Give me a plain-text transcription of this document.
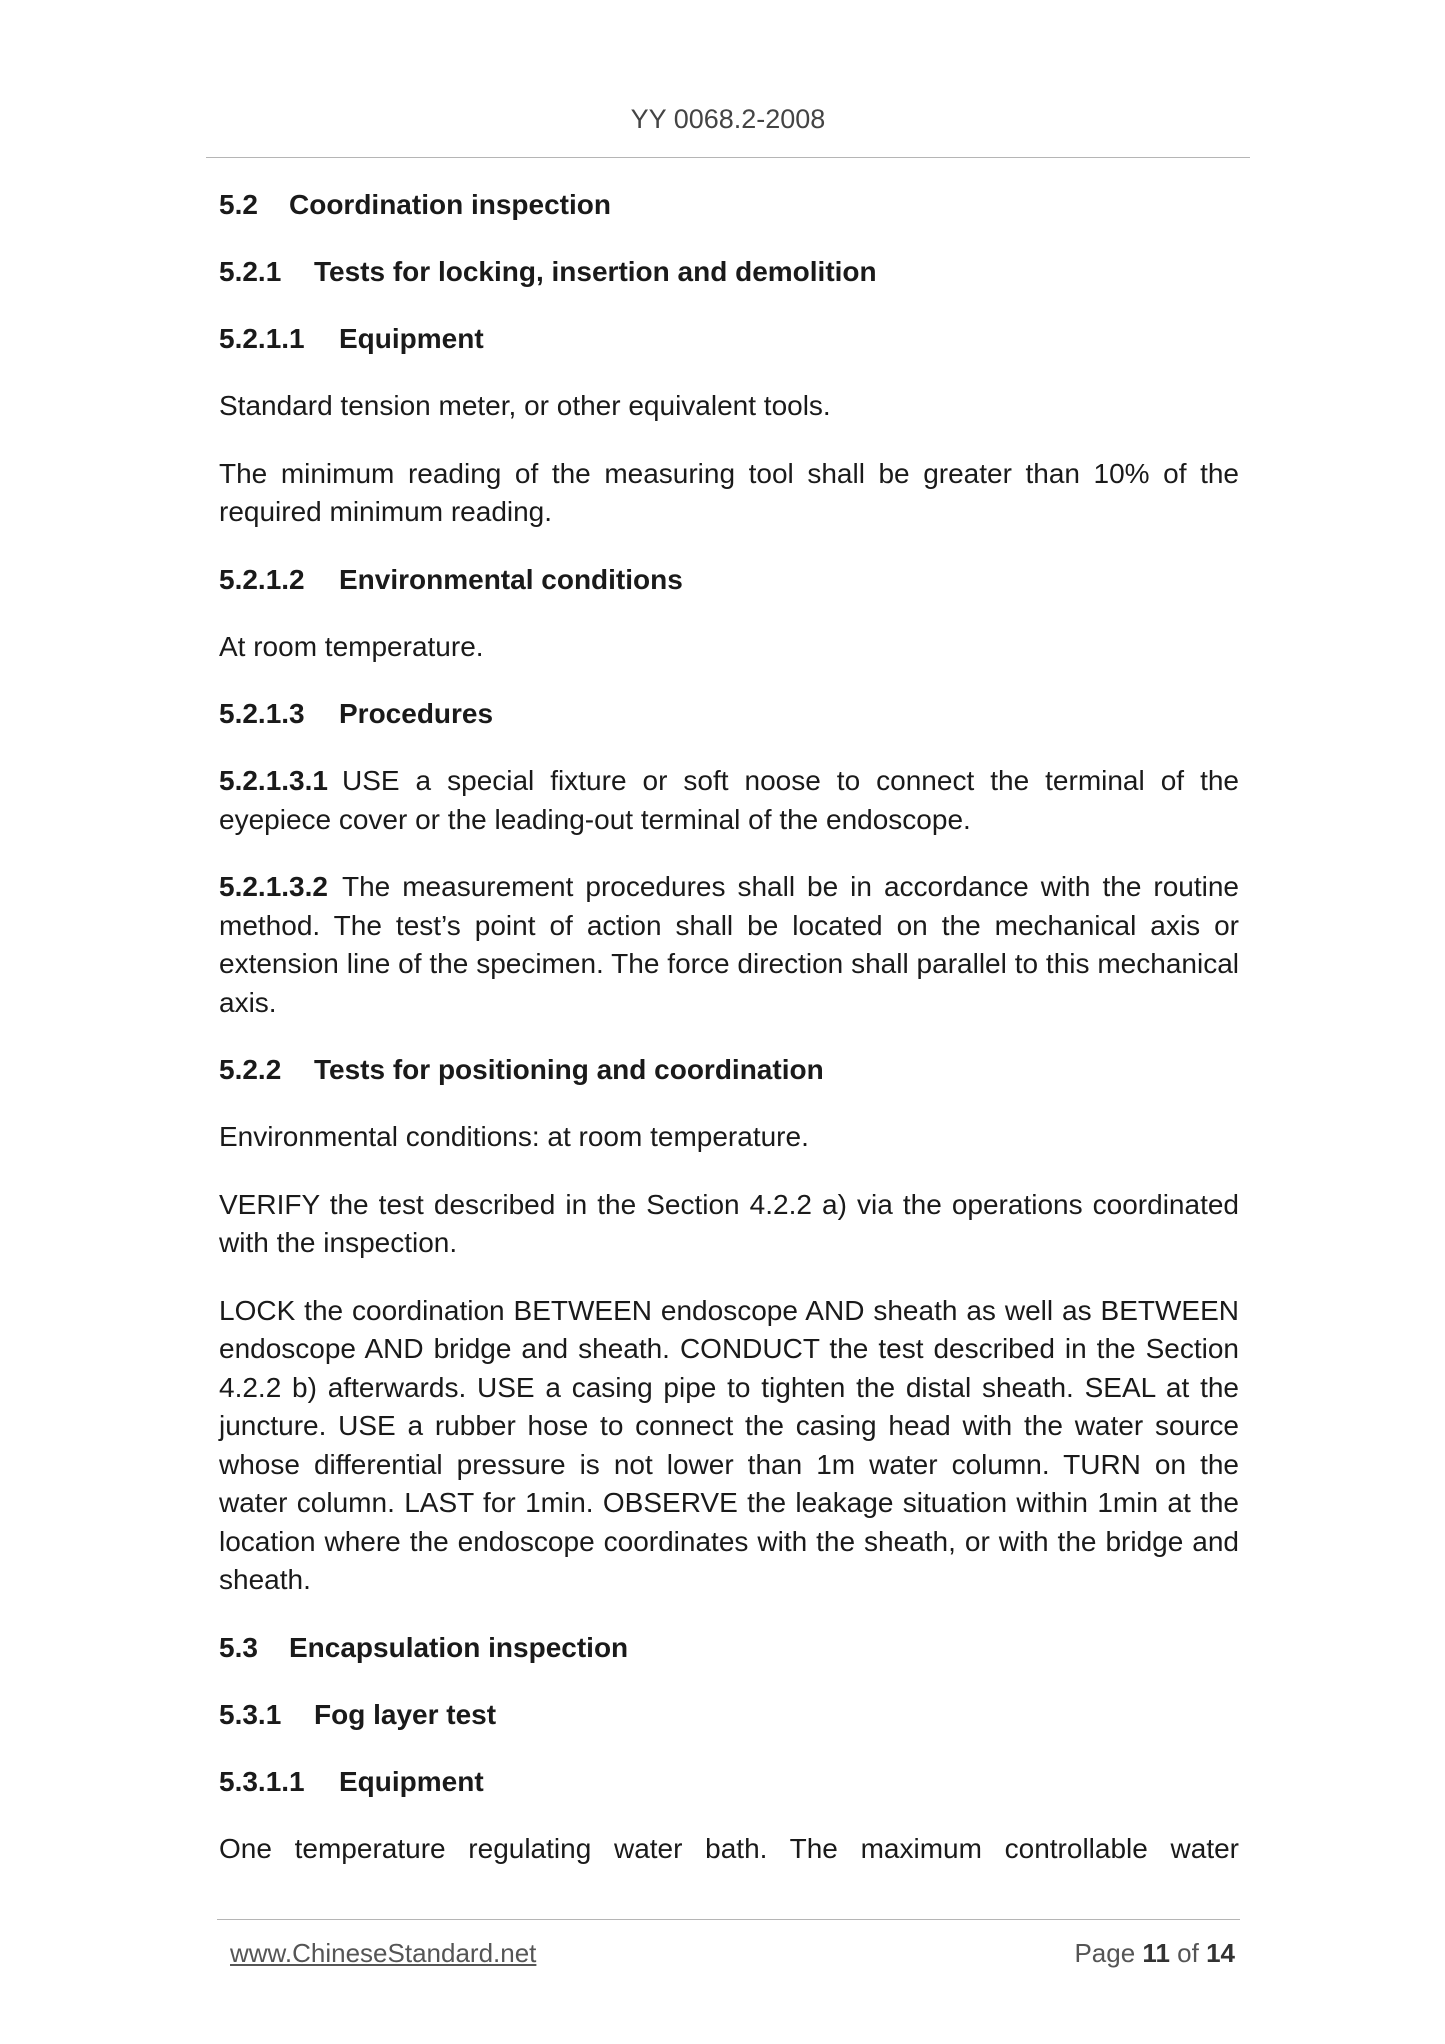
YY 0068.2-2008
5.2 Coordination inspection
5.2.1 Tests for locking, insertion and demolition
5.2.1.1 Equipment
Standard tension meter, or other equivalent tools.
The minimum reading of the measuring tool shall be greater than 10% of the required minimum reading.
5.2.1.2 Environmental conditions
At room temperature.
5.2.1.3 Procedures
5.2.1.3.1 USE a special fixture or soft noose to connect the terminal of the eyepiece cover or the leading-out terminal of the endoscope.
5.2.1.3.2 The measurement procedures shall be in accordance with the routine method. The test’s point of action shall be located on the mechanical axis or extension line of the specimen. The force direction shall parallel to this mechanical axis.
5.2.2 Tests for positioning and coordination
Environmental conditions: at room temperature.
VERIFY the test described in the Section 4.2.2 a) via the operations coordinated with the inspection.
LOCK the coordination BETWEEN endoscope AND sheath as well as BETWEEN endoscope AND bridge and sheath. CONDUCT the test described in the Section 4.2.2 b) afterwards. USE a casing pipe to tighten the distal sheath. SEAL at the juncture. USE a rubber hose to connect the casing head with the water source whose differential pressure is not lower than 1m water column. TURN on the water column. LAST for 1min. OBSERVE the leakage situation within 1min at the location where the endoscope coordinates with the sheath, or with the bridge and sheath.
5.3 Encapsulation inspection
5.3.1 Fog layer test
5.3.1.1 Equipment
One temperature regulating water bath. The maximum controllable water
www.ChineseStandard.net	Page 11 of 14
